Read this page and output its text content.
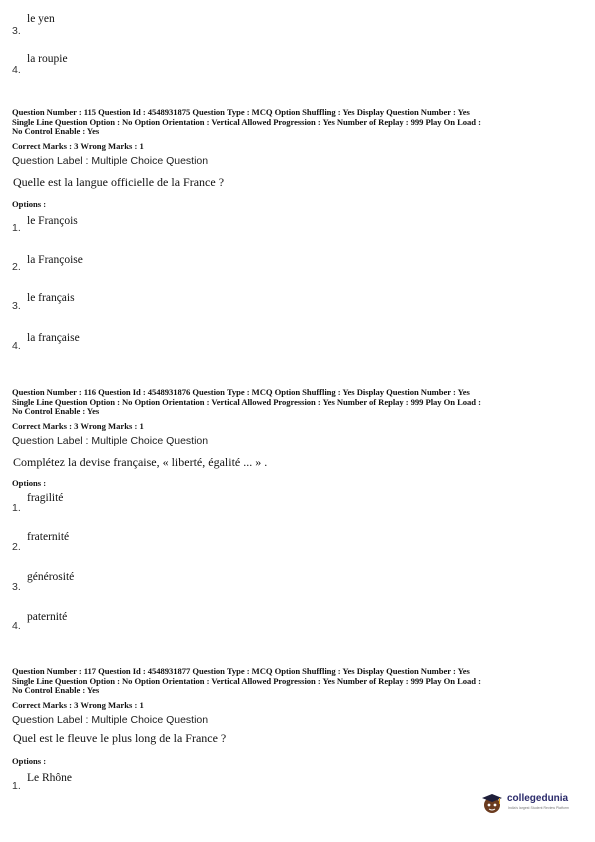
3.
le yen
4.
la roupie
Question Number : 115 Question Id : 4548931875 Question Type : MCQ Option Shuffling : Yes Display Question Number : Yes
Single Line Question Option : No Option Orientation : Vertical Allowed Progression : Yes Number of Replay : 999 Play On Load :
No Control Enable : Yes
Correct Marks : 3 Wrong Marks : 1
Question Label : Multiple Choice Question
Quelle est la langue officielle de la France ?
Options :
1.
le François
2.
la Françoise
3.
le français
4.
la française
Question Number : 116 Question Id : 4548931876 Question Type : MCQ Option Shuffling : Yes Display Question Number : Yes
Single Line Question Option : No Option Orientation : Vertical Allowed Progression : Yes Number of Replay : 999 Play On Load :
No Control Enable : Yes
Correct Marks : 3 Wrong Marks : 1
Question Label : Multiple Choice Question
Complétez la devise française, « liberté, égalité ... » .
Options :
1.
fragilité
2.
fraternité
3.
générosité
4.
paternité
Question Number : 117 Question Id : 4548931877 Question Type : MCQ Option Shuffling : Yes Display Question Number : Yes
Single Line Question Option : No Option Orientation : Vertical Allowed Progression : Yes Number of Replay : 999 Play On Load :
No Control Enable : Yes
Correct Marks : 3 Wrong Marks : 1
Question Label : Multiple Choice Question
Quel est le fleuve le plus long de la France ?
Options :
1.
Le Rhône
collegedunia
India's largest Student Review Platform
